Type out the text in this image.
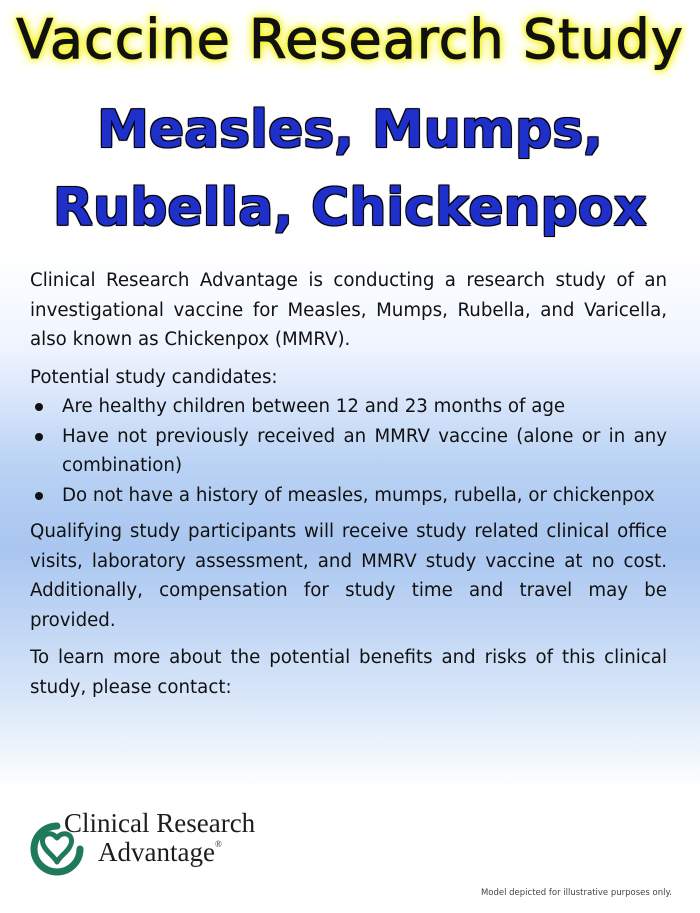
Vaccine Research Study
Measles, Mumps,
Rubella, Chickenpox

Clinical Research Advantage is conducting a research study of an investigational vaccine for Measles, Mumps, Rubella, and Varicella, also known as Chickenpox (MMRV).

Potential study candidates:

Are healthy children between 12 and 23 months of age
Have not previously received an MMRV vaccine (alone or in any combination)
Do not have a history of measles, mumps, rubella, or chickenpox

Qualifying study participants will receive study related clinical office visits, laboratory assessment, and MMRV study vaccine at no cost. Additionally, compensation for study time and travel may be provided.

To learn more about the potential benefits and risks of this clinical study, please contact:

Clinical Research
Advantage®
Model depicted for illustrative purposes only.
